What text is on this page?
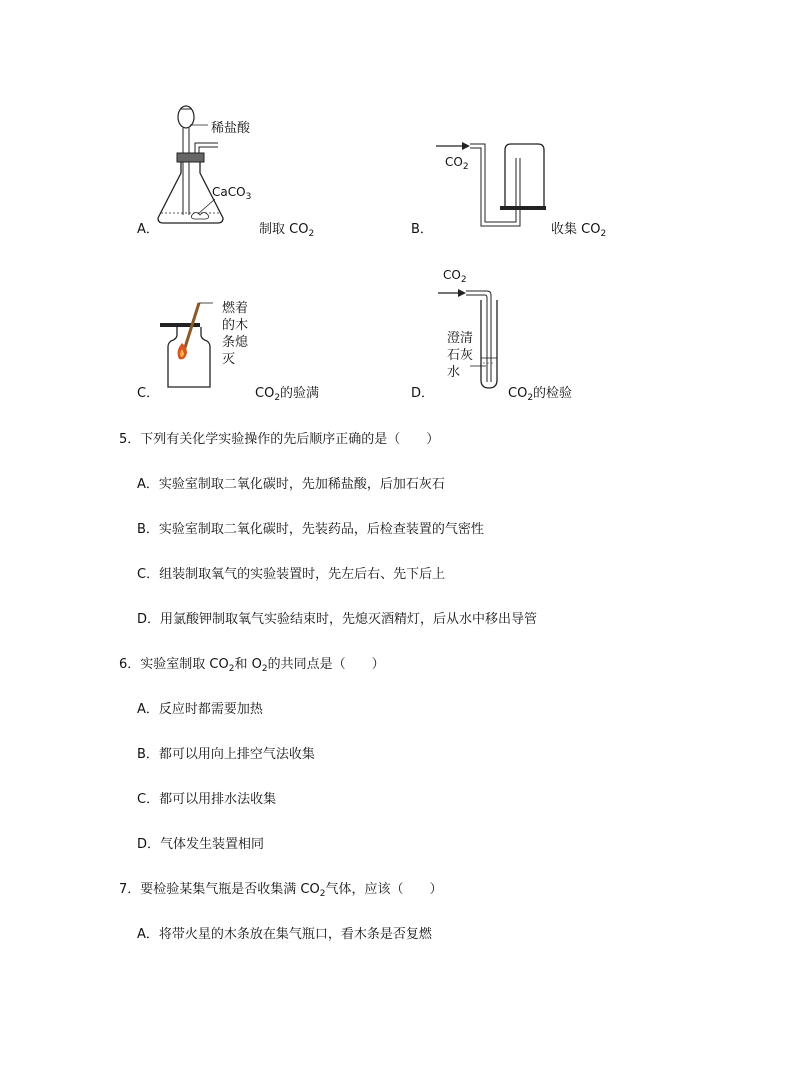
稀盐酸
CaCO$_3$
A．	制取 $CO_2$
$CO_2$
B．	收集 $CO_2$
燃着
的木
条熄
灭
C．	$CO_2$的验满
$CO_2$
澄清
石灰
水
D．	$CO_2$的检验
5．下列有关化学实验操作的先后顺序正确的是（　　）
A．实验室制取二氧化碳时，先加稀盐酸，后加石灰石
B．实验室制取二氧化碳时，先装药品，后检查装置的气密性
C．组装制取氧气的实验装置时，先左后右、先下后上
D．用氯酸钾制取氧气实验结束时，先熄灭酒精灯，后从水中移出导管
6．实验室制取 $CO_2$和 $O_2$的共同点是（　　）
A．反应时都需要加热
B．都可以用向上排空气法收集
C．都可以用排水法收集
D．气体发生装置相同
7．要检验某集气瓶是否收集满 $CO_2$气体，应该（　　）
A．将带火星的木条放在集气瓶口，看木条是否复燃
